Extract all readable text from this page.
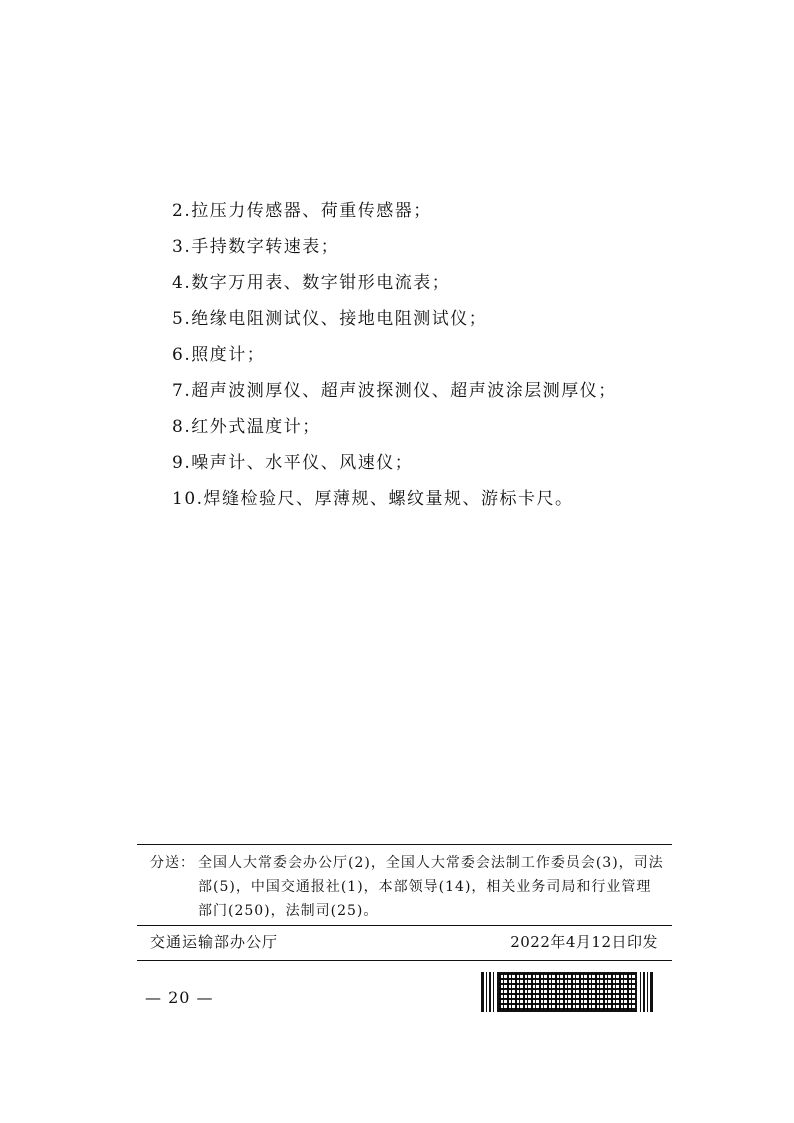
2.拉压力传感器、荷重传感器；
3.手持数字转速表；
4.数字万用表、数字钳形电流表；
5.绝缘电阻测试仪、接地电阻测试仪；
6.照度计；
7.超声波测厚仪、超声波探测仪、超声波涂层测厚仪；
8.红外式温度计；
9.噪声计、水平仪、风速仪；
10.焊缝检验尺、厚薄规、螺纹量规、游标卡尺。
分送： 全国人大常委会办公厅(2)，全国人大常委会法制工作委员会(3)，司法部(5)，中国交通报社(1)，本部领导(14)，相关业务司局和行业管理部门(250)，法制司(25)。
交通运输部办公厅	2022年4月12日印发
— 20 —
